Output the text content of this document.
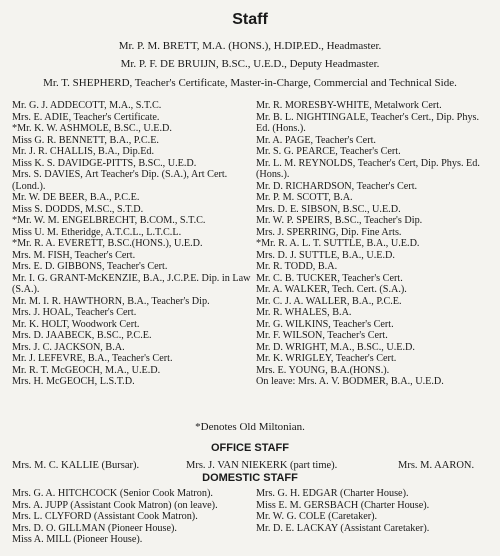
Staff
Mr. P. M. BRETT, M.A. (HONS.), H.DIP.ED., Headmaster.
Mr. P. F. DE BRUIJN, B.SC., U.E.D., Deputy Headmaster.
Mr. T. SHEPHERD, Teacher's Certificate, Master-in-Charge, Commercial and Technical Side.
Mr. G. J. ADDECOTT, M.A., S.T.C.
Mrs. E. ADIE, Teacher's Certificate.
*Mr. K. W. ASHMOLE, B.SC., U.E.D.
Miss G. R. BENNETT, B.A., P.C.E.
Mr. J. R. CHALLIS, B.A., Dip.Ed.
Miss K. S. DAVIDGE-PITTS, B.SC., U.E.D.
Mrs. S. DAVIES, Art Teacher's Dip. (S.A.), Art Cert. (Lond.).
Mr. W. DE BEER, B.A., P.C.E.
Miss S. DODDS, M.SC., S.T.D.
*Mr. W. M. ENGELBRECHT, B.COM., S.T.C.
Miss U. M. Etheridge, A.T.C.L., L.T.C.L.
*Mr. R. A. EVERETT, B.SC.(HONS.), U.E.D.
Mrs. M. FISH, Teacher's Cert.
Mrs. E. D. GIBBONS, Teacher's Cert.
Mr. I. G. GRANT-McKENZIE, B.A., J.C.P.E. Dip. in Law (S.A.).
Mr. M. I. R. HAWTHORN, B.A., Teacher's Dip.
Mrs. J. HOAL, Teacher's Cert.
Mr. K. HOLT, Woodwork Cert.
Mrs. D. JAABECK, B.SC., P.C.E.
Mrs. J. C. JACKSON, B.A.
Mr. J. LEFEVRE, B.A., Teacher's Cert.
Mr. R. T. McGEOCH, M.A., U.E.D.
Mrs. H. McGEOCH, L.S.T.D.
Mr. R. MORESBY-WHITE, Metalwork Cert.
Mr. B. L. NIGHTINGALE, Teacher's Cert., Dip. Phys. Ed. (Hons.).
Mr. A. PAGE, Teacher's Cert.
Mr. S. G. PEARCE, Teacher's Cert.
Mr. L. M. REYNOLDS, Teacher's Cert, Dip. Phys. Ed. (Hons.).
Mr. D. RICHARDSON, Teacher's Cert.
Mr. P. M. SCOTT, B.A.
Mrs. D. E. SIBSON, B.SC., U.E.D.
Mr. W. P. SPEIRS, B.SC., Teacher's Dip.
Mrs. J. SPERRING, Dip. Fine Arts.
*Mr. R. A. L. T. SUTTLE, B.A., U.E.D.
Mrs. D. J. SUTTLE, B.A., U.E.D.
Mr. R. TODD, B.A.
Mr. C. B. TUCKER, Teacher's Cert.
Mr. A. WALKER, Tech. Cert. (S.A.).
Mr. C. J. A. WALLER, B.A., P.C.E.
Mr. R. WHALES, B.A.
Mr. G. WILKINS, Teacher's Cert.
Mr. F. WILSON, Teacher's Cert.
Mr. D. WRIGHT, M.A., B.SC., U.E.D.
Mr. K. WRIGLEY, Teacher's Cert.
Mrs. E. YOUNG, B.A.(HONS.).
On leave: Mrs. A. V. BODMER, B.A., U.E.D.
*Denotes Old Miltonian.
OFFICE STAFF
Mrs. M. C. KALLIE (Bursar).	Mrs. J. VAN NIEKERK (part time).	Mrs. M. AARON.
DOMESTIC STAFF
Mrs. G. A. HITCHCOCK (Senior Cook Matron).
Mrs. A. JUPP (Assistant Cook Matron) (on leave).
Mrs. L. CLYFORD (Assistant Cook Matron).
Mrs. D. O. GILLMAN (Pioneer House).
Miss A. MILL (Pioneer House).
Mrs. G. H. EDGAR (Charter House).
Miss E. M. GERSBACH (Charter House).
Mr. W. G. COLE (Caretaker).
Mr. D. E. LACKAY (Assistant Caretaker).
